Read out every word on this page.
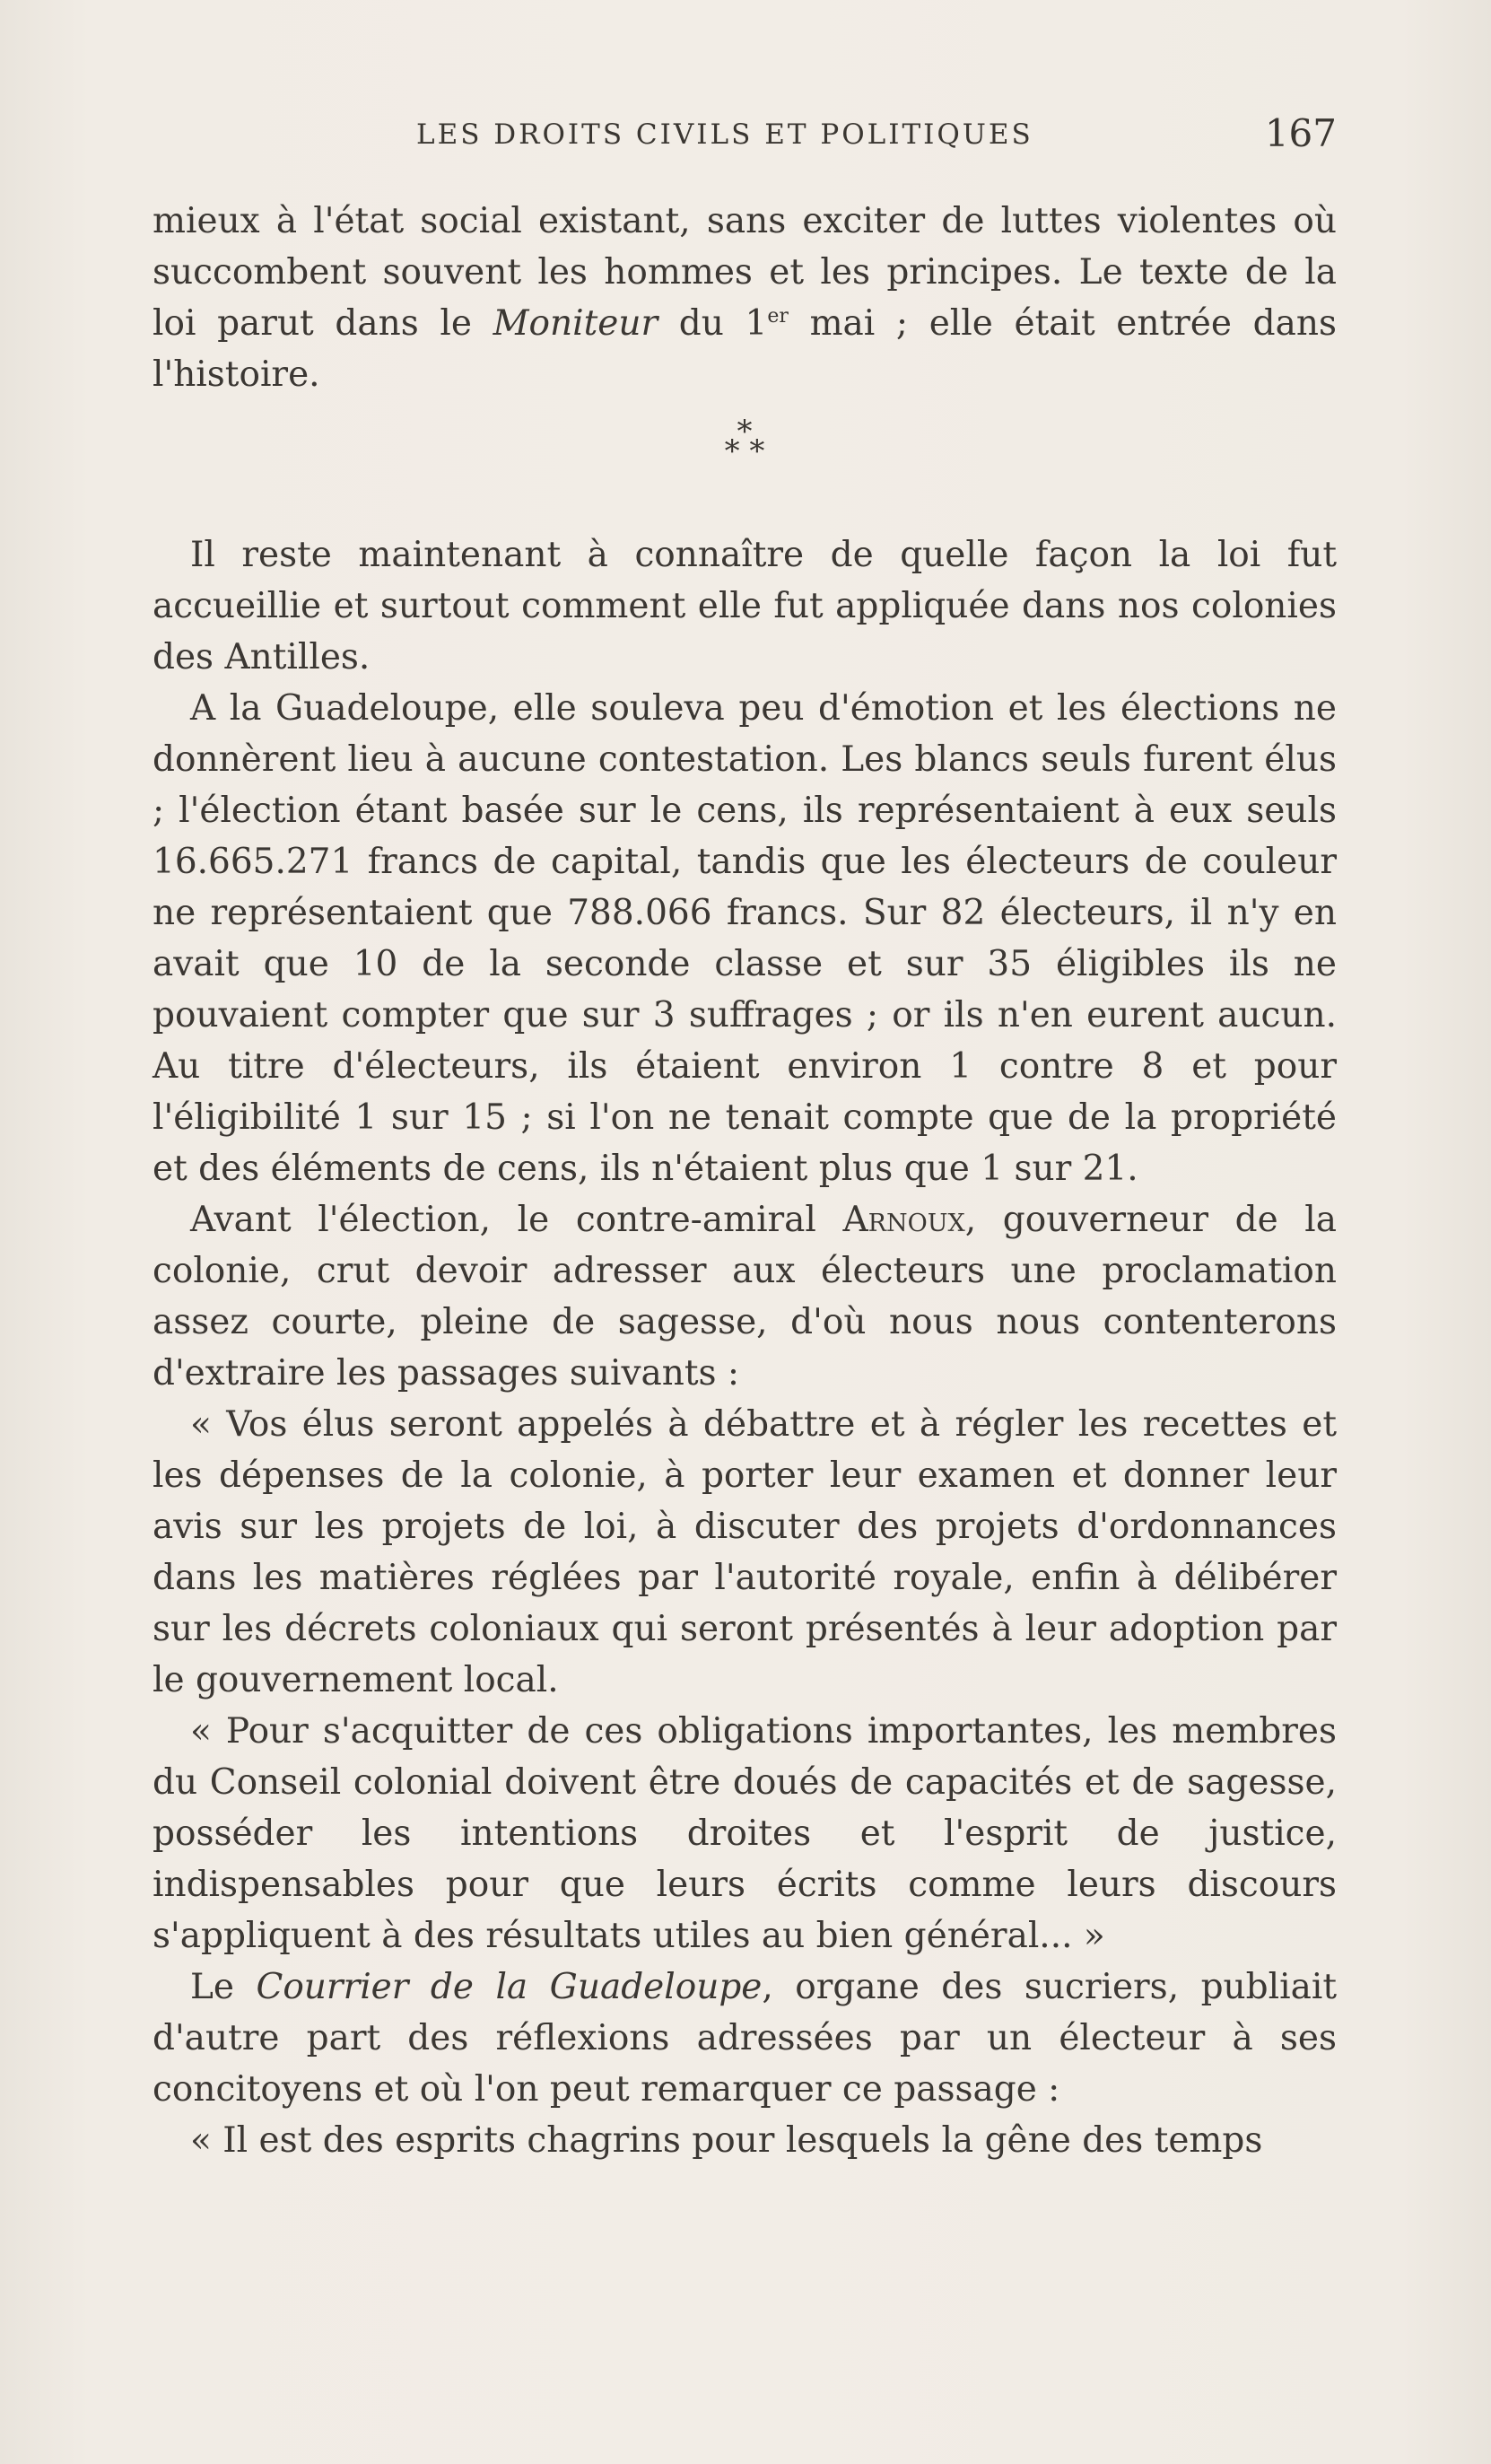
LES DROITS CIVILS ET POLITIQUES	167

mieux à l'état social existant, sans exciter de luttes violentes où succombent souvent les hommes et les principes. Le texte de la loi parut dans le Moniteur du 1er mai ; elle était entrée dans l'histoire.

*
* *

Il reste maintenant à connaître de quelle façon la loi fut accueillie et surtout comment elle fut appliquée dans nos colonies des Antilles.

A la Guadeloupe, elle souleva peu d'émotion et les élections ne donnèrent lieu à aucune contestation. Les blancs seuls furent élus ; l'élection étant basée sur le cens, ils représentaient à eux seuls 16.665.271 francs de capital, tandis que les électeurs de couleur ne représentaient que 788.066 francs. Sur 82 électeurs, il n'y en avait que 10 de la seconde classe et sur 35 éligibles ils ne pouvaient compter que sur 3 suffrages ; or ils n'en eurent aucun. Au titre d'électeurs, ils étaient environ 1 contre 8 et pour l'éligibilité 1 sur 15 ; si l'on ne tenait compte que de la propriété et des éléments de cens, ils n'étaient plus que 1 sur 21.

Avant l'élection, le contre-amiral Arnoux, gouverneur de la colonie, crut devoir adresser aux électeurs une proclamation assez courte, pleine de sagesse, d'où nous nous contenterons d'extraire les passages suivants :

« Vos élus seront appelés à débattre et à régler les recettes et les dépenses de la colonie, à porter leur examen et donner leur avis sur les projets de loi, à discuter des projets d'ordonnances dans les matières réglées par l'autorité royale, enfin à délibérer sur les décrets coloniaux qui seront présentés à leur adoption par le gouvernement local.

« Pour s'acquitter de ces obligations importantes, les membres du Conseil colonial doivent être doués de capacités et de sagesse, posséder les intentions droites et l'esprit de justice, indispensables pour que leurs écrits comme leurs discours s'appliquent à des résultats utiles au bien général... »

Le Courrier de la Guadeloupe, organe des sucriers, publiait d'autre part des réflexions adressées par un électeur à ses concitoyens et où l'on peut remarquer ce passage :

« Il est des esprits chagrins pour lesquels la gêne des temps
